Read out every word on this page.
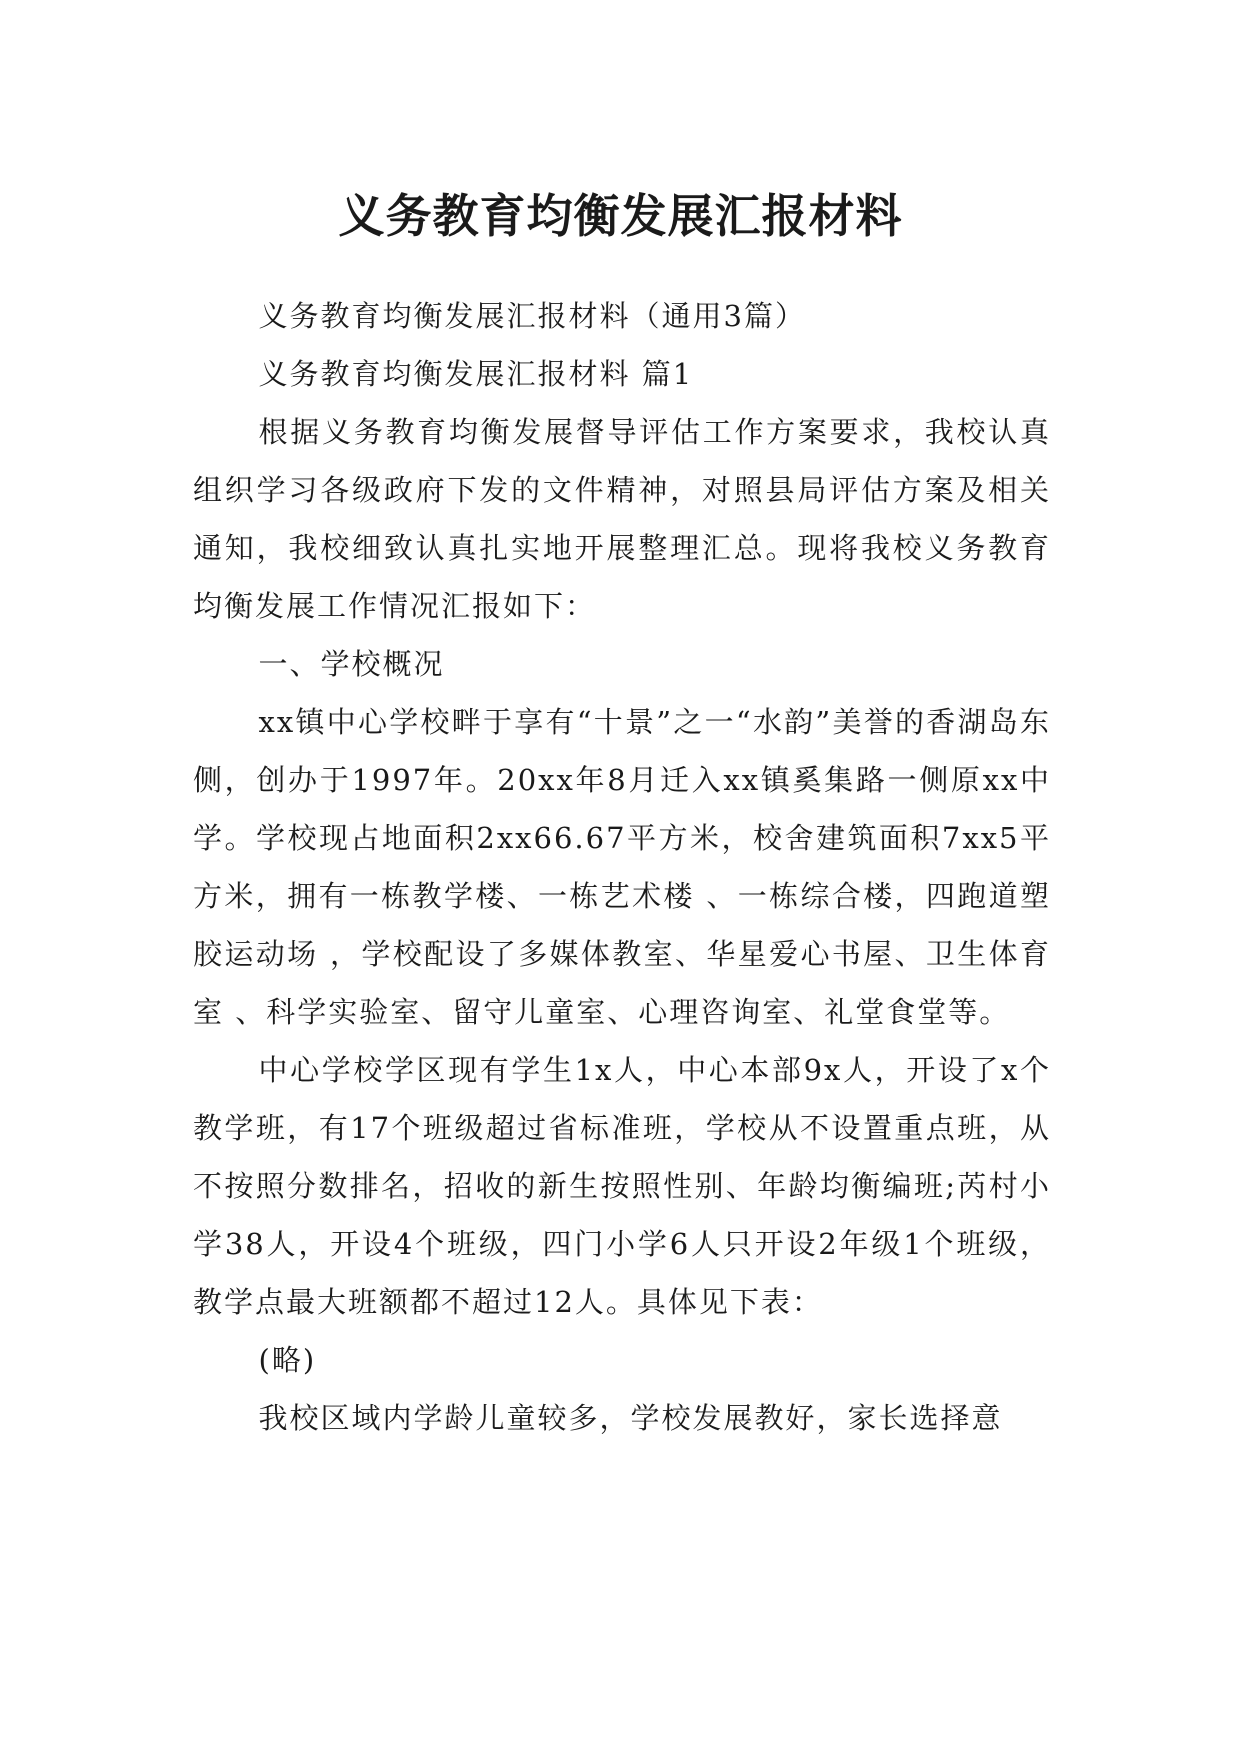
义务教育均衡发展汇报材料

义务教育均衡发展汇报材料（通用3篇）

义务教育均衡发展汇报材料 篇1

根据义务教育均衡发展督导评估工作方案要求，我校认真组织学习各级政府下发的文件精神，对照县局评估方案及相关通知，我校细致认真扎实地开展整理汇总。现将我校义务教育均衡发展工作情况汇报如下：

一、学校概况

xx镇中心学校畔于享有“十景”之一“水韵”美誉的香湖岛东侧，创办于1997年。20xx年8月迁入xx镇奚集路一侧原xx中学。学校现占地面积2xx66.67平方米，校舍建筑面积7xx5平方米，拥有一栋教学楼、一栋艺术楼 、一栋综合楼，四跑道塑胶运动场 ，学校配设了多媒体教室、华星爱心书屋、卫生体育室 、科学实验室、留守儿童室、心理咨询室、礼堂食堂等。

中心学校学区现有学生1x人，中心本部9x人，开设了x个教学班，有17个班级超过省标准班，学校从不设置重点班，从不按照分数排名，招收的新生按照性别、年龄均衡编班;芮村小学38人，开设4个班级，四门小学6人只开设2年级1个班级，教学点最大班额都不超过12人。具体见下表：

(略)

我校区域内学龄儿童较多，学校发展教好，家长选择意
